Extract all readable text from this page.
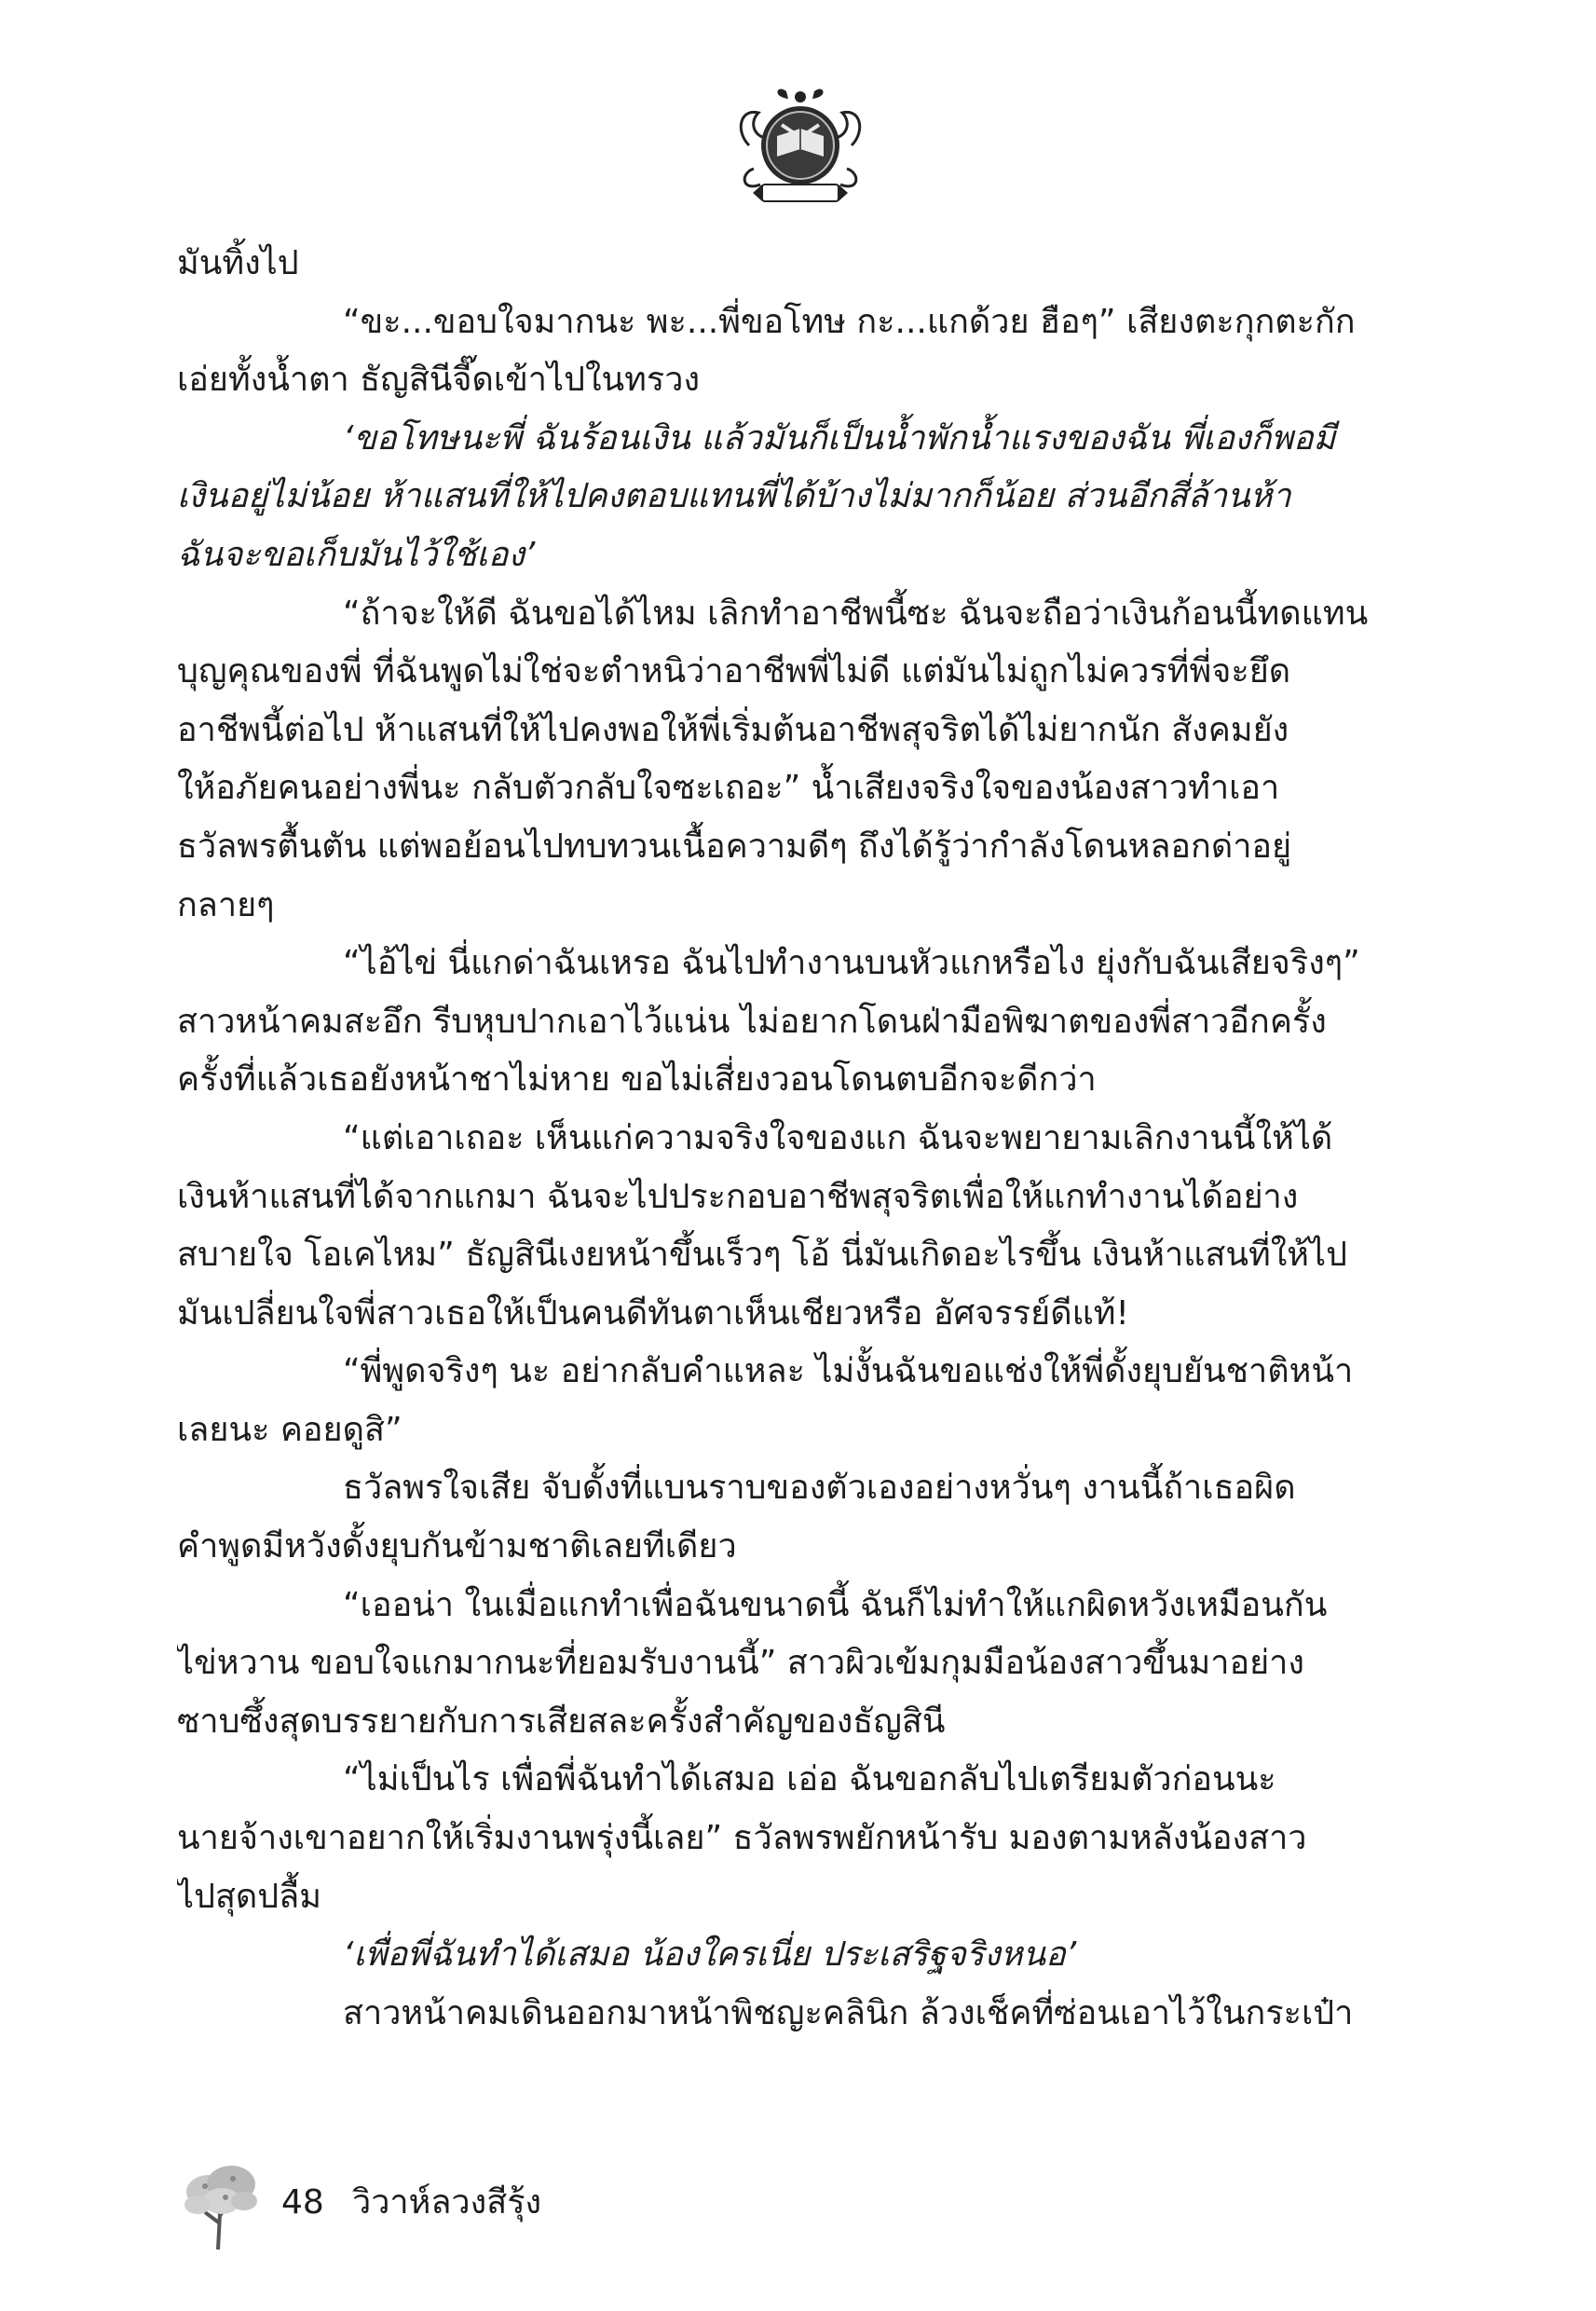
มันทิ้งไป
“ขะ...ขอบใจมากนะ พะ...พี่ขอโทษ กะ...แกด้วย ฮือๆ” เสียงตะกุกตะกัก
เอ่ยทั้งน้ำตา ธัญสินีจี๊ดเข้าไปในทรวง
‘ขอโทษนะพี่ ฉันร้อนเงิน แล้วมันก็เป็นน้ำพักน้ำแรงของฉัน พี่เองก็พอมี
เงินอยู่ไม่น้อย ห้าแสนที่ให้ไปคงตอบแทนพี่ได้บ้างไม่มากก็น้อย ส่วนอีกสี่ล้านห้า
ฉันจะขอเก็บมันไว้ใช้เอง’
“ถ้าจะให้ดี ฉันขอได้ไหม เลิกทำอาชีพนี้ซะ ฉันจะถือว่าเงินก้อนนี้ทดแทน
บุญคุณของพี่ ที่ฉันพูดไม่ใช่จะตำหนิว่าอาชีพพี่ไม่ดี แต่มันไม่ถูกไม่ควรที่พี่จะยึด
อาชีพนี้ต่อไป ห้าแสนที่ให้ไปคงพอให้พี่เริ่มต้นอาชีพสุจริตได้ไม่ยากนัก สังคมยัง
ให้อภัยคนอย่างพี่นะ กลับตัวกลับใจซะเถอะ” น้ำเสียงจริงใจของน้องสาวทำเอา
ธวัลพรตื้นตัน แต่พอย้อนไปทบทวนเนื้อความดีๆ ถึงได้รู้ว่ากำลังโดนหลอกด่าอยู่
กลายๆ
“ไอ้ไข่ นี่แกด่าฉันเหรอ ฉันไปทำงานบนหัวแกหรือไง ยุ่งกับฉันเสียจริงๆ”
สาวหน้าคมสะอึก รีบหุบปากเอาไว้แน่น ไม่อยากโดนฝ่ามือพิฆาตของพี่สาวอีกครั้ง
ครั้งที่แล้วเธอยังหน้าชาไม่หาย ขอไม่เสี่ยงวอนโดนตบอีกจะดีกว่า
“แต่เอาเถอะ เห็นแก่ความจริงใจของแก ฉันจะพยายามเลิกงานนี้ให้ได้
เงินห้าแสนที่ได้จากแกมา ฉันจะไปประกอบอาชีพสุจริตเพื่อให้แกทำงานได้อย่าง
สบายใจ โอเคไหม” ธัญสินีเงยหน้าขึ้นเร็วๆ โอ้ นี่มันเกิดอะไรขึ้น เงินห้าแสนที่ให้ไป
มันเปลี่ยนใจพี่สาวเธอให้เป็นคนดีทันตาเห็นเชียวหรือ อัศจรรย์ดีแท้!
“พี่พูดจริงๆ นะ อย่ากลับคำแหละ ไม่งั้นฉันขอแช่งให้พี่ดั้งยุบยันชาติหน้า
เลยนะ คอยดูสิ”
ธวัลพรใจเสีย จับดั้งที่แบนราบของตัวเองอย่างหวั่นๆ งานนี้ถ้าเธอผิด
คำพูดมีหวังดั้งยุบกันข้ามชาติเลยทีเดียว
“เออน่า ในเมื่อแกทำเพื่อฉันขนาดนี้ ฉันก็ไม่ทำให้แกผิดหวังเหมือนกัน
ไข่หวาน ขอบใจแกมากนะที่ยอมรับงานนี้” สาวผิวเข้มกุมมือน้องสาวขึ้นมาอย่าง
ซาบซึ้งสุดบรรยายกับการเสียสละครั้งสำคัญของธัญสินี
“ไม่เป็นไร เพื่อพี่ฉันทำได้เสมอ เอ่อ ฉันขอกลับไปเตรียมตัวก่อนนะ
นายจ้างเขาอยากให้เริ่มงานพรุ่งนี้เลย” ธวัลพรพยักหน้ารับ มองตามหลังน้องสาว
ไปสุดปลื้ม
‘เพื่อพี่ฉันทำได้เสมอ น้องใครเนี่ย ประเสริฐจริงหนอ’
สาวหน้าคมเดินออกมาหน้าพิชญะคลินิก ล้วงเช็คที่ซ่อนเอาไว้ในกระเป๋า
48 วิวาห์ลวงสีรุ้ง
